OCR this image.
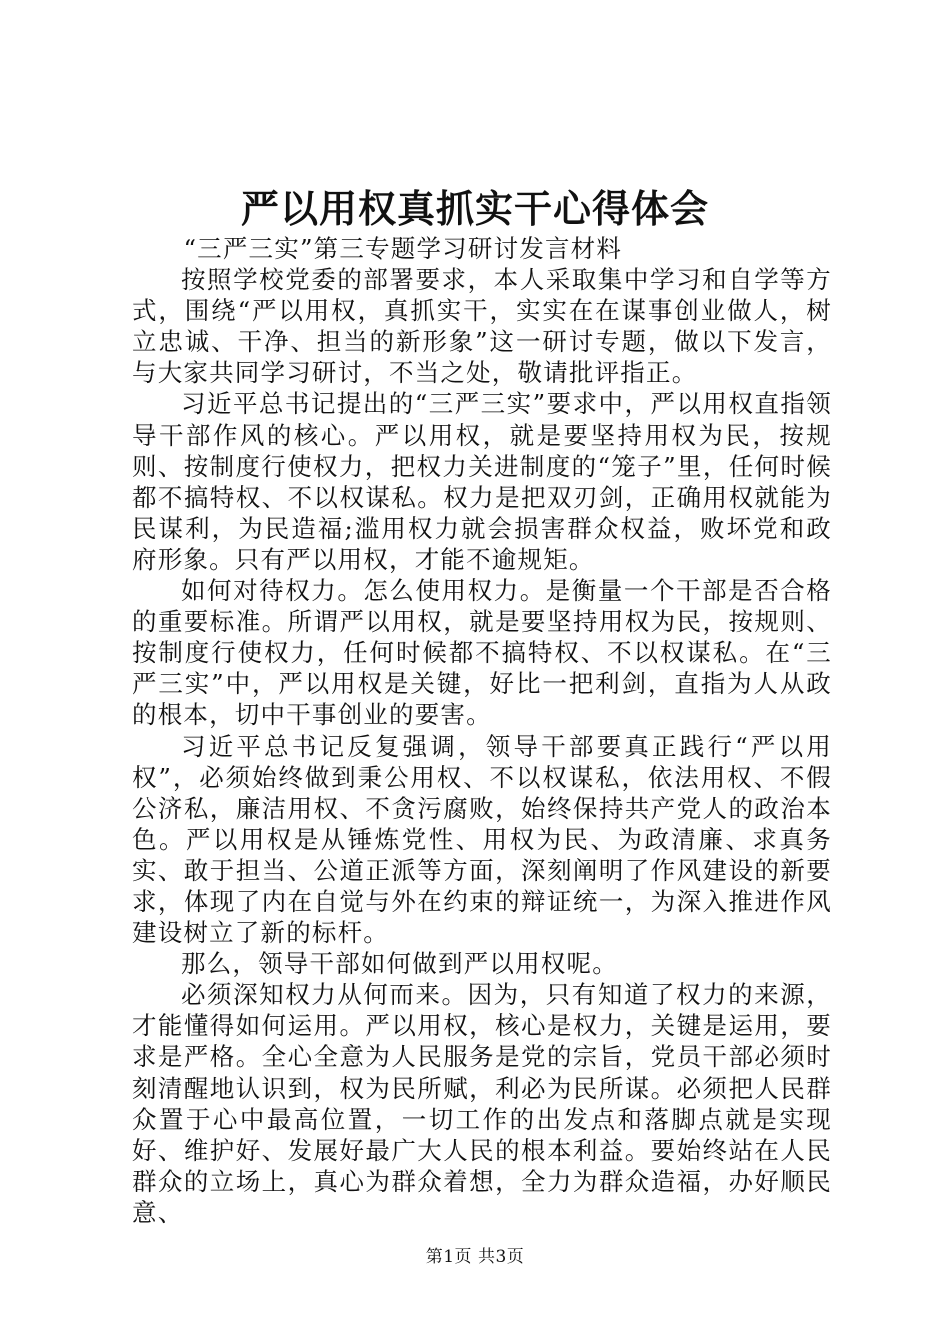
严以用权真抓实干心得体会

“三严三实”第三专题学习研讨发言材料

按照学校党委的部署要求，本人采取集中学习和自学等方式，围绕“严以用权，真抓实干，实实在在谋事创业做人，树立忠诚、干净、担当的新形象”这一研讨专题，做以下发言，与大家共同学习研讨，不当之处，敬请批评指正。

习近平总书记提出的“三严三实”要求中，严以用权直指领导干部作风的核心。严以用权，就是要坚持用权为民，按规则、按制度行使权力，把权力关进制度的“笼子”里，任何时候都不搞特权、不以权谋私。权力是把双刃剑，正确用权就能为民谋利，为民造福;滥用权力就会损害群众权益，败坏党和政府形象。只有严以用权，才能不逾规矩。

如何对待权力。怎么使用权力。是衡量一个干部是否合格的重要标准。所谓严以用权，就是要坚持用权为民，按规则、按制度行使权力，任何时候都不搞特权、不以权谋私。在“三严三实”中，严以用权是关键，好比一把利剑，直指为人从政的根本，切中干事创业的要害。

习近平总书记反复强调，领导干部要真正践行“严以用权”，必须始终做到秉公用权、不以权谋私，依法用权、不假公济私，廉洁用权、不贪污腐败，始终保持共产党人的政治本色。严以用权是从锤炼党性、用权为民、为政清廉、求真务实、敢于担当、公道正派等方面，深刻阐明了作风建设的新要求，体现了内在自觉与外在约束的辩证统一，为深入推进作风建设树立了新的标杆。

那么，领导干部如何做到严以用权呢。

必须深知权力从何而来。因为，只有知道了权力的来源，才能懂得如何运用。严以用权，核心是权力，关键是运用，要求是严格。全心全意为人民服务是党的宗旨，党员干部必须时刻清醒地认识到，权为民所赋，利必为民所谋。必须把人民群众置于心中最高位置，一切工作的出发点和落脚点就是实现好、维护好、发展好最广大人民的根本利益。要始终站在人民群众的立场上，真心为群众着想，全力为群众造福，办好顺民意、

第1页 共3页
